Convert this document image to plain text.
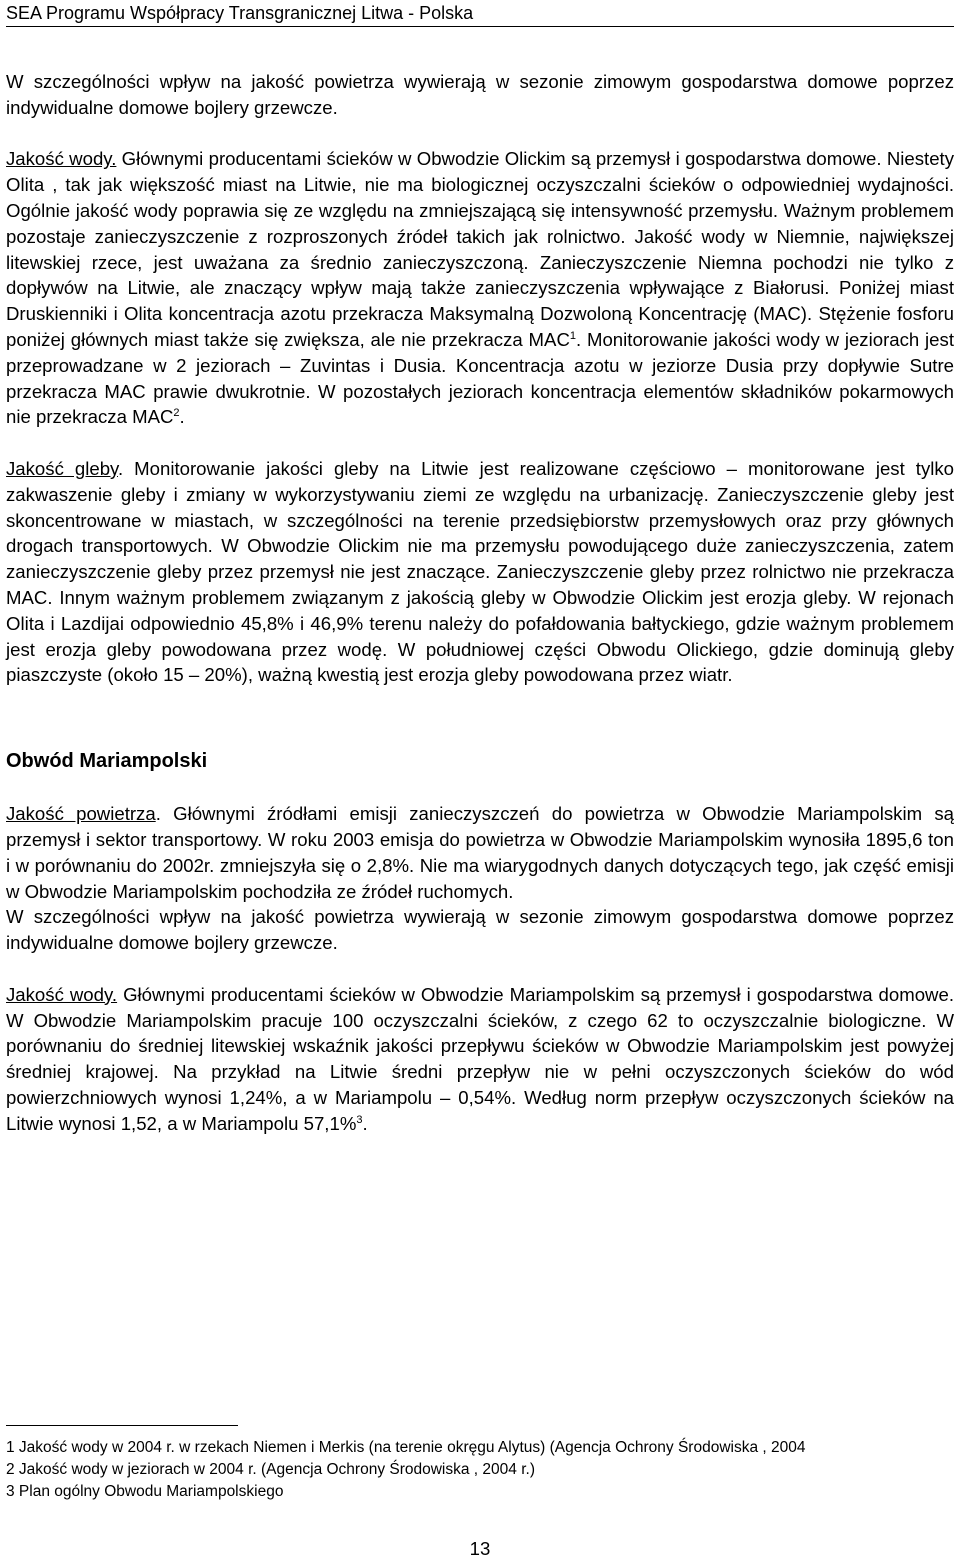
SEA Programu Współpracy Transgranicznej Litwa - Polska

W szczególności wpływ na jakość powietrza wywierają w sezonie zimowym gospodarstwa domowe poprzez indywidualne domowe bojlery grzewcze.

Jakość wody. Głównymi producentami ścieków w Obwodzie Olickim są przemysł i gospodarstwa domowe. Niestety Olita , tak jak większość miast na Litwie, nie ma biologicznej oczyszczalni ścieków o odpowiedniej wydajności. Ogólnie jakość wody poprawia się ze względu na zmniejszającą się intensywność przemysłu. Ważnym problemem pozostaje zanieczyszczenie z rozproszonych źródeł takich jak rolnictwo. Jakość wody w Niemnie, największej litewskiej rzece, jest uważana za średnio zanieczyszczoną. Zanieczyszczenie Niemna pochodzi nie tylko z dopływów na Litwie, ale znaczący wpływ mają także zanieczyszczenia wpływające z Białorusi. Poniżej miast Druskienniki i Olita koncentracja azotu przekracza Maksymalną Dozwoloną Koncentrację (MAC). Stężenie fosforu poniżej głównych miast także się zwiększa, ale nie przekracza MAC$^1$. Monitorowanie jakości wody w jeziorach jest przeprowadzane w 2 jeziorach – Zuvintas i Dusia. Koncentracja azotu w jeziorze Dusia przy dopływie Sutre przekracza MAC prawie dwukrotnie. W pozostałych jeziorach koncentracja elementów składników pokarmowych nie przekracza MAC$^2$.

Jakość gleby. Monitorowanie jakości gleby na Litwie jest realizowane częściowo – monitorowane jest tylko zakwaszenie gleby i zmiany w wykorzystywaniu ziemi ze względu na urbanizację. Zanieczyszczenie gleby jest skoncentrowane w miastach, w szczególności na terenie przedsiębiorstw przemysłowych oraz przy głównych drogach transportowych. W Obwodzie Olickim nie ma przemysłu powodującego duże zanieczyszczenia, zatem zanieczyszczenie gleby przez przemysł nie jest znaczące. Zanieczyszczenie gleby przez rolnictwo nie przekracza MAC. Innym ważnym problemem związanym z jakością gleby w Obwodzie Olickim jest erozja gleby. W rejonach Olita i Lazdijai odpowiednio 45,8% i 46,9% terenu należy do pofałdowania bałtyckiego, gdzie ważnym problemem jest erozja gleby powodowana przez wodę. W południowej części Obwodu Olickiego, gdzie dominują gleby piaszczyste (około 15 – 20%), ważną kwestią jest erozja gleby powodowana przez wiatr.

Obwód Mariampolski

Jakość powietrza. Głównymi źródłami emisji zanieczyszczeń do powietrza w Obwodzie Mariampolskim są przemysł i sektor transportowy. W roku 2003 emisja do powietrza w Obwodzie Mariampolskim wynosiła 1895,6 ton i w porównaniu do 2002r. zmniejszyła się o 2,8%. Nie ma wiarygodnych danych dotyczących tego, jak część emisji w Obwodzie Mariampolskim pochodziła ze źródeł ruchomych.

W szczególności wpływ na jakość powietrza wywierają w sezonie zimowym gospodarstwa domowe poprzez indywidualne domowe bojlery grzewcze.

Jakość wody. Głównymi producentami ścieków w Obwodzie Mariampolskim są przemysł i gospodarstwa domowe. W Obwodzie Mariampolskim pracuje 100 oczyszczalni ścieków, z czego 62 to oczyszczalnie biologiczne. W porównaniu do średniej litewskiej wskaźnik jakości przepływu ścieków w Obwodzie Mariampolskim jest powyżej średniej krajowej. Na przykład na Litwie średni przepływ nie w pełni oczyszczonych ścieków do wód powierzchniowych wynosi 1,24%, a w Mariampolu – 0,54%. Według norm przepływ oczyszczonych ścieków na Litwie wynosi 1,52, a w Mariampolu 57,1%$^3$.

1 Jakość wody w 2004 r. w rzekach Niemen i Merkis (na terenie okręgu Alytus) (Agencja Ochrony Środowiska , 2004
2 Jakość wody w jeziorach w 2004 r. (Agencja Ochrony Środowiska , 2004 r.)
3 Plan ogólny Obwodu Mariampolskiego
13
